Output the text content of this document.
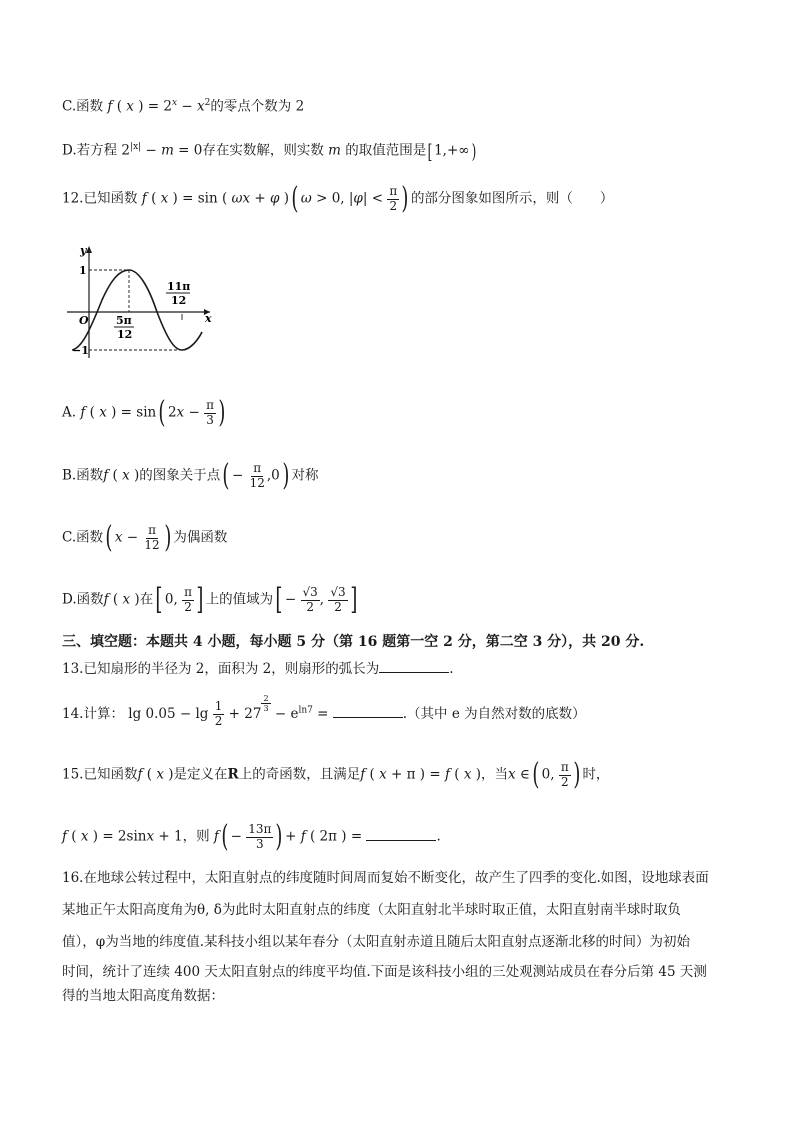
C.函数 f ( x ) = $2^x - x^2$的零点个数为 2
D.若方程 $2^{|x|} - m = 0$存在实数解，则实数 m 的取值范围是[ 1,+∞)
12.已知函数 f ( x ) = sin ( ωx + φ )( ω > 0, $|\varphi| < \frac{\pi}{2}$ ) 的部分图象如图所示，则（　　）
y
x
O
1
−1
5π
12
11π
12
A. f ( x ) = sin( $2x - \frac{\pi}{3}$ )
B.函数f ( x )的图象关于点( − $\frac{\pi}{12} ,0$) 对称
C.函数( $x - \frac{\pi}{12}$ ) 为偶函数
D.函数f ( x )在[ 0, $\frac{\pi}{2}$ ] 上的值域为[ − $\frac{√3}{2}$ , $\frac{√3}{2}$ ]
三、填空题：本题共 4 小题，每小题 5 分（第 16 题第一空 2 分，第二空 3 分），共 20 分.
13.已知扇形的半径为 2，面积为 2，则扇形的弧长为	.
14.计算： $\lg 0.05 - \lg \frac{1}{2} + 27$
$^{\frac{2}{3}}$
− $e^{ln7}$ =	.（其中 e 为自然对数的底数）
15.已知函数f ( x )是定义在R上的奇函数，且满足f ( x + π ) = f ( x )，当x ∈( 0, $\frac{\pi}{2}$ ) 时，
f ( x ) = 2sinx + 1，则 $f( - \frac{13\pi}{3}$ ) + f ( 2π ) =	.
16.在地球公转过程中，太阳直射点的纬度随时间周而复始不断变化，故产生了四季的变化.如图，设地球表面
某地正午太阳高度角为θ, δ为此时太阳直射点的纬度（太阳直射北半球时取正值，太阳直射南半球时取负
值），φ为当地的纬度值.某科技小组以某年春分（太阳直射赤道且随后太阳直射点逐渐北移的时间）为初始
时间，统计了连续 400 天太阳直射点的纬度平均值.下面是该科技小组的三处观测站成员在春分后第 45 天测
得的当地太阳高度角数据：
